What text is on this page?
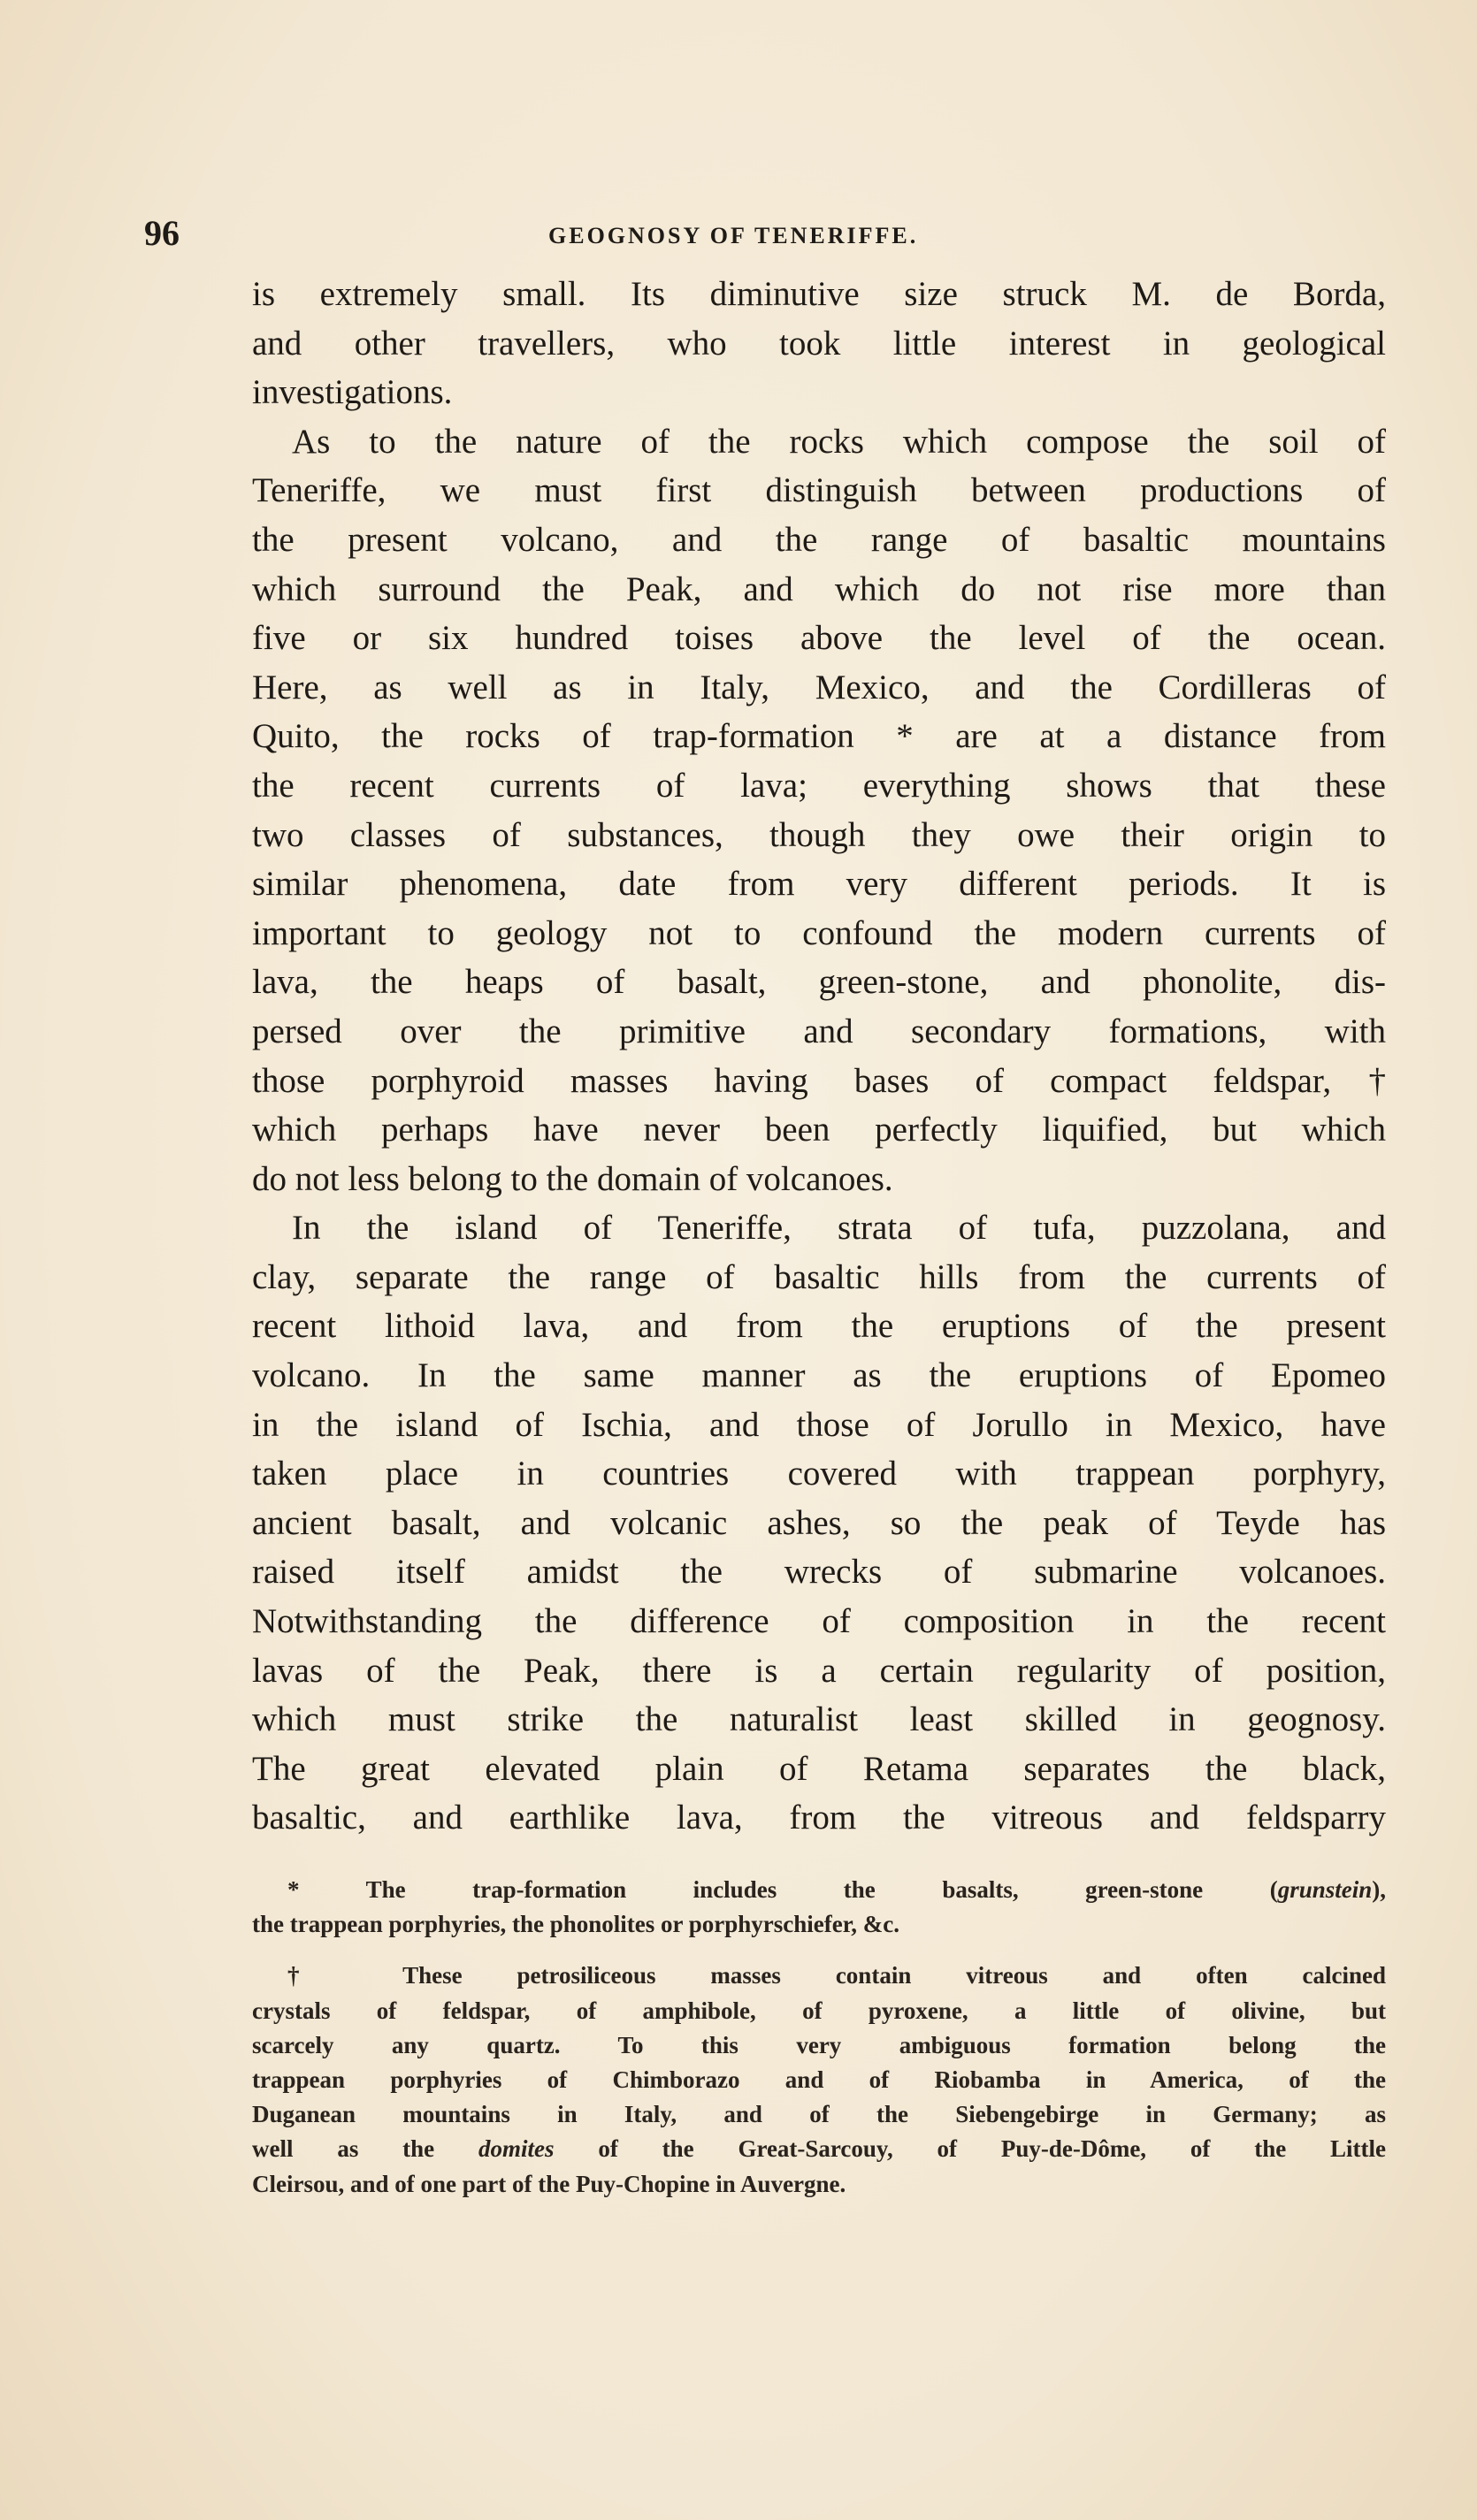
96	GEOGNOSY OF TENERIFFE.
is extremely small. Its diminutive size struck M. de Borda,
and other travellers, who took little interest in geological
investigations.
As to the nature of the rocks which compose the soil of
Teneriffe, we must first distinguish between productions of
the present volcano, and the range of basaltic mountains
which surround the Peak, and which do not rise more than
five or six hundred toises above the level of the ocean.
Here, as well as in Italy, Mexico, and the Cordilleras of
Quito, the rocks of trap-formation * are at a distance from
the recent currents of lava; everything shows that these
two classes of substances, though they owe their origin to
similar phenomena, date from very different periods. It is
important to geology not to confound the modern currents of
lava, the heaps of basalt, green-stone, and phonolite, dis-
persed over the primitive and secondary formations, with
those porphyroid masses having bases of compact feldspar,†
which perhaps have never been perfectly liquified, but which
do not less belong to the domain of volcanoes.
In the island of Teneriffe, strata of tufa, puzzolana, and
clay, separate the range of basaltic hills from the currents of
recent lithoid lava, and from the eruptions of the present
volcano. In the same manner as the eruptions of Epomeo
in the island of Ischia, and those of Jorullo in Mexico, have
taken place in countries covered with trappean porphyry,
ancient basalt, and volcanic ashes, so the peak of Teyde has
raised itself amidst the wrecks of submarine volcanoes.
Notwithstanding the difference of composition in the recent
lavas of the Peak, there is a certain regularity of position,
which must strike the naturalist least skilled in geognosy.
The great elevated plain of Retama separates the black,
basaltic, and earthlike lava, from the vitreous and feldsparry
* The trap-formation includes the basalts, green-stone (grunstein),
the trappean porphyries, the phonolites or porphyrschiefer, &c.
† These petrosiliceous masses contain vitreous and often calcined
crystals of feldspar, of amphibole, of pyroxene, a little of olivine, but
scarcely any quartz. To this very ambiguous formation belong the
trappean porphyries of Chimborazo and of Riobamba in America, of the
Duganean mountains in Italy, and of the Siebengebirge in Germany; as
well as the domites of the Great-Sarcouy, of Puy-de-Dôme, of the Little
Cleirsou, and of one part of the Puy-Chopine in Auvergne.
